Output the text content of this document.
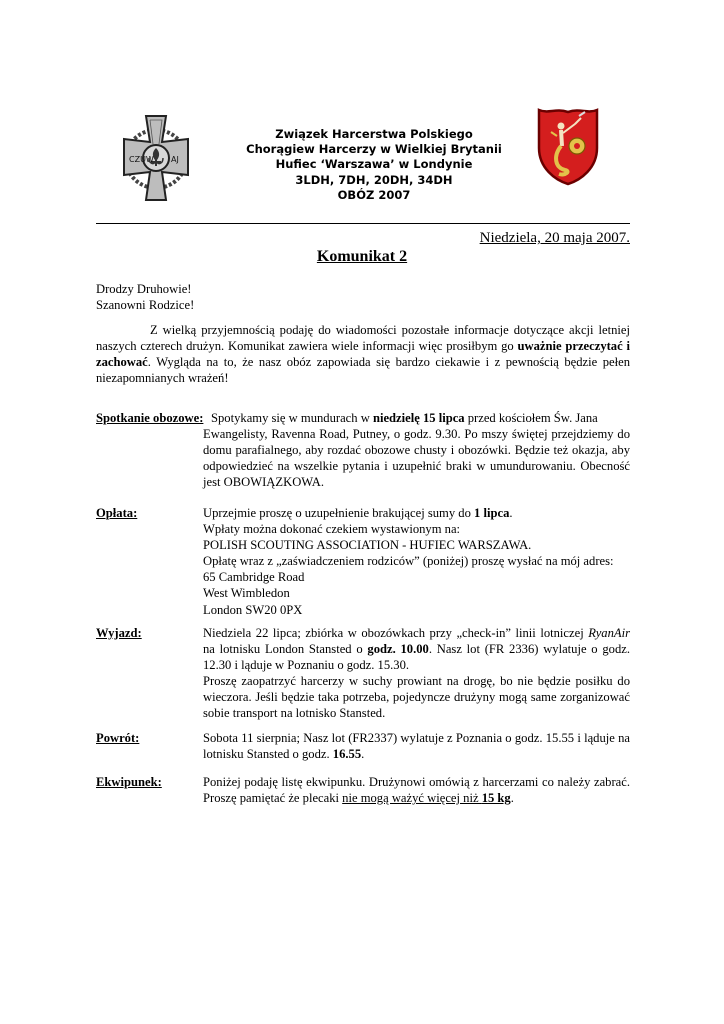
CZUW AJ
Związek Harcerstwa Polskiego
Chorągiew Harcerzy w Wielkiej Brytanii
Hufiec ‘Warszawa’ w Londynie
3LDH, 7DH, 20DH, 34DH
OBÓZ 2007
Niedziela, 20 maja 2007.
Komunikat 2
Drodzy Druhowie!
Szanowni Rodzice!
Z wielką przyjemnością podaję do wiadomości pozostałe informacje dotyczące akcji letniej naszych czterech drużyn. Komunikat zawiera wiele informacji więc prosiłbym go uważnie przeczytać i zachować. Wygląda na to, że nasz obóz zapowiada się bardzo ciekawie i z pewnością będzie pełen niezapomnianych wrażeń!
Spotkanie obozowe: Spotykamy się w mundurach w niedzielę 15 lipca przed kościołem Św. Jana
Ewangelisty, Ravenna Road, Putney, o godz. 9.30. Po mszy świętej przejdziemy do domu parafialnego, aby rozdać obozowe chusty i obozówki. Będzie też okazja, aby odpowiedzieć na wszelkie pytania i uzupełnić braki w umundurowaniu. Obecność jest OBOWIĄZKOWA.
Opłata:	Uprzejmie proszę o uzupełnienie brakującej sumy do 1 lipca.
Wpłaty można dokonać czekiem wystawionym na:
POLISH SCOUTING ASSOCIATION - HUFIEC WARSZAWA.
Opłatę wraz z „zaświadczeniem rodziców” (poniżej) proszę wysłać na mój adres:
65 Cambridge Road
West Wimbledon
London SW20 0PX
Wyjazd:	Niedziela 22 lipca; zbiórka w obozówkach przy „check-in” linii lotniczej RyanAir na lotnisku London Stansted o godz. 10.00. Nasz lot (FR 2336) wylatuje o godz. 12.30 i ląduje w Poznaniu o godz. 15.30.
Proszę zaopatrzyć harcerzy w suchy prowiant na drogę, bo nie będzie posiłku do wieczora. Jeśli będzie taka potrzeba, pojedyncze drużyny mogą same zorganizować sobie transport na lotnisko Stansted.
Powrót:	Sobota 11 sierpnia; Nasz lot (FR2337) wylatuje z Poznania o godz. 15.55 i ląduje na lotnisku Stansted o godz. 16.55.
Ekwipunek:	Poniżej podaję listę ekwipunku. Drużynowi omówią z harcerzami co należy zabrać. Proszę pamiętać że plecaki nie mogą ważyć więcej niż 15 kg.
